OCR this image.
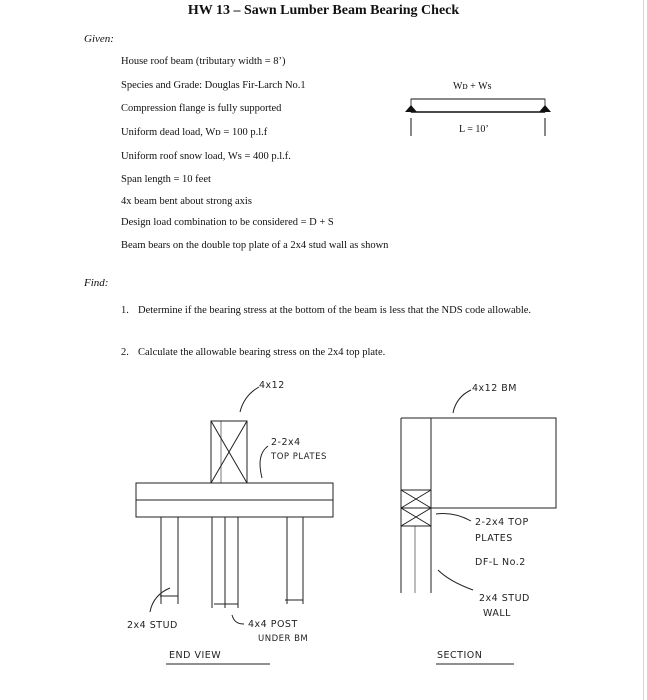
HW 13 – Sawn Lumber Beam Bearing Check
Given:
House roof beam (tributary width = 8’)
Species and Grade: Douglas Fir-Larch No.1
Compression flange is fully supported
Uniform dead load, Wᴅ = 100 p.l.f
Uniform roof snow load, Ws = 400 p.l.f.
Span length = 10 feet
4x beam bent about strong axis
Design load combination to be considered = D + S
Beam bears on the double top plate of a 2x4 stud wall as shown
Wᴅ + Ws
L = 10’
Find:
1. Determine if the bearing stress at the bottom of the beam is less that the NDS code allowable.
2. Calculate the allowable bearing stress on the 2x4 top plate.
4x12
2-2x4
TOP PLATES
2x4 STUD	4x4 POST
UNDER BM
END VIEW
4x12 BM
2-2x4 TOP
PLATES
DF-L No.2
2x4 STUD
WALL
SECTION
